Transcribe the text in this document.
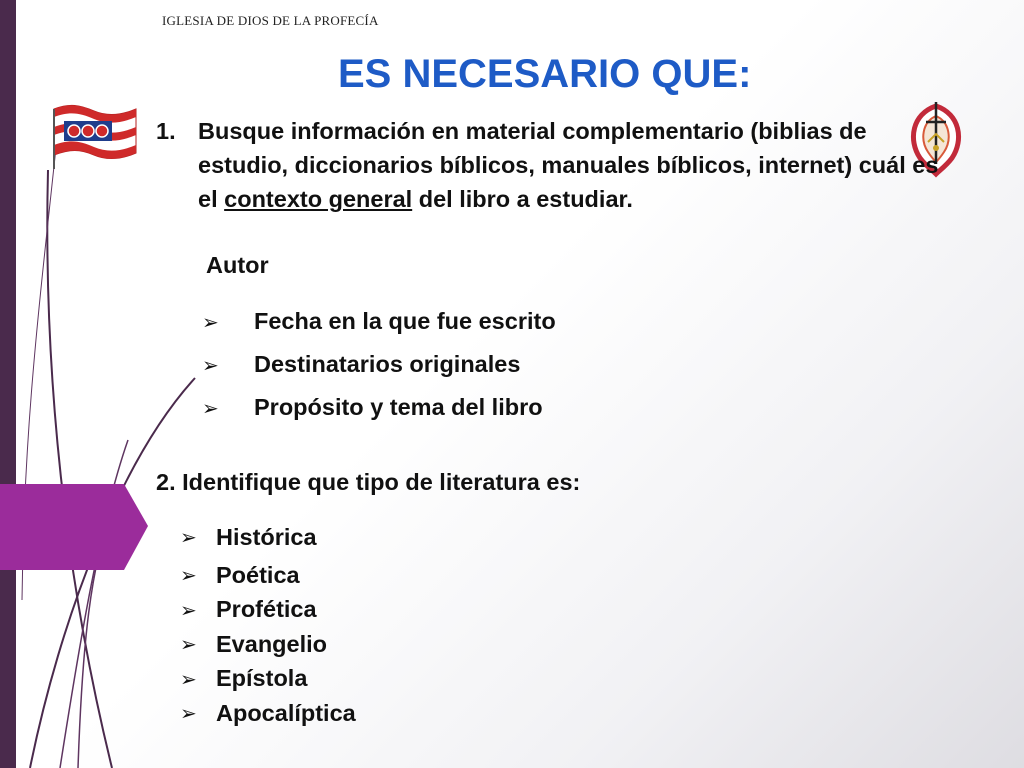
IGLESIA DE DIOS DE LA PROFECÍA
ES NECESARIO QUE:
1. Busque información en material complementario (biblias de estudio, diccionarios bíblicos, manuales bíblicos, internet) cuál es el contexto general del libro a estudiar.
Autor
➢	Fecha en la que fue escrito
➢	Destinatarios originales
➢	Propósito y tema del libro
2. Identifique que tipo de literatura es:
➢ Histórica
➢ Poética
➢ Profética
➢ Evangelio
➢ Epístola
➢ Apocalíptica
